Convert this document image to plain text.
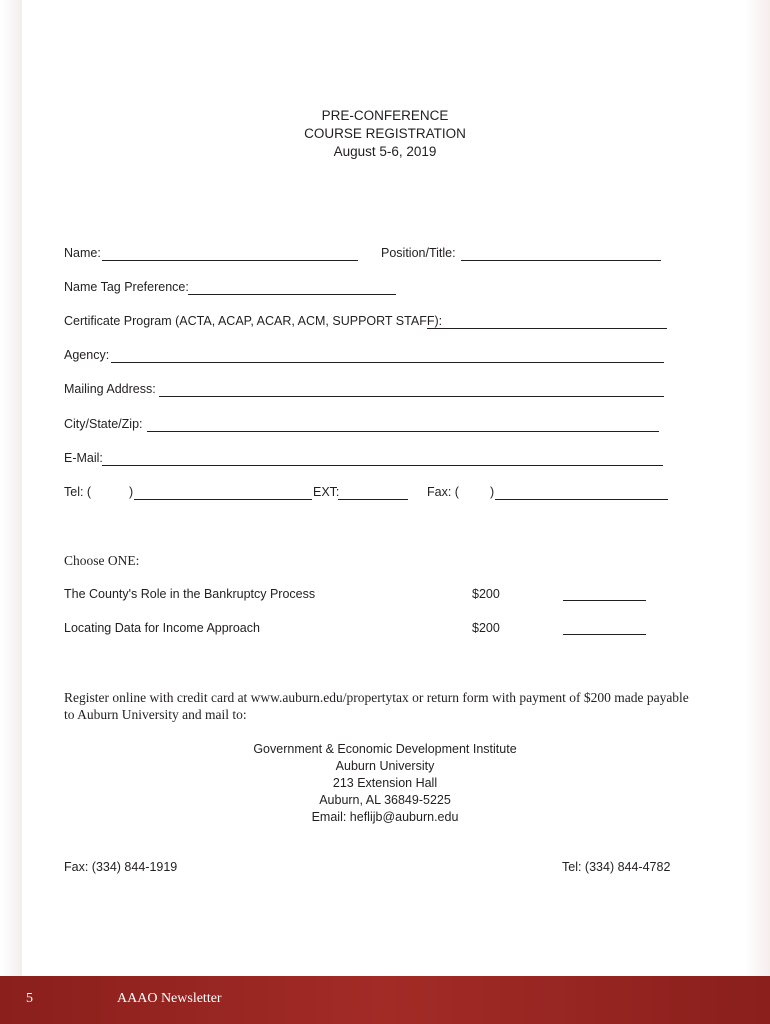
PRE-CONFERENCE
COURSE REGISTRATION
August 5-6, 2019
Name:	Position/Title:
Name Tag Preference:
Certificate Program (ACTA, ACAP, ACAR, ACM, SUPPORT STAFF):
Agency:
Mailing Address:
City/State/Zip:
E-Mail:
Tel: (	)	EXT:	Fax: ( )
Choose ONE:
The County's Role in the Bankruptcy Process	$200
Locating Data for Income Approach	$200
Register online with credit card at www.auburn.edu/propertytax or return form with payment of $200 made payable
to Auburn University and mail to:
Government & Economic Development Institute
Auburn University
213 Extension Hall
Auburn, AL 36849-5225
Email: heflijb@auburn.edu
Fax: (334) 844-1919	Tel: (334) 844-4782
5	AAAO Newsletter
